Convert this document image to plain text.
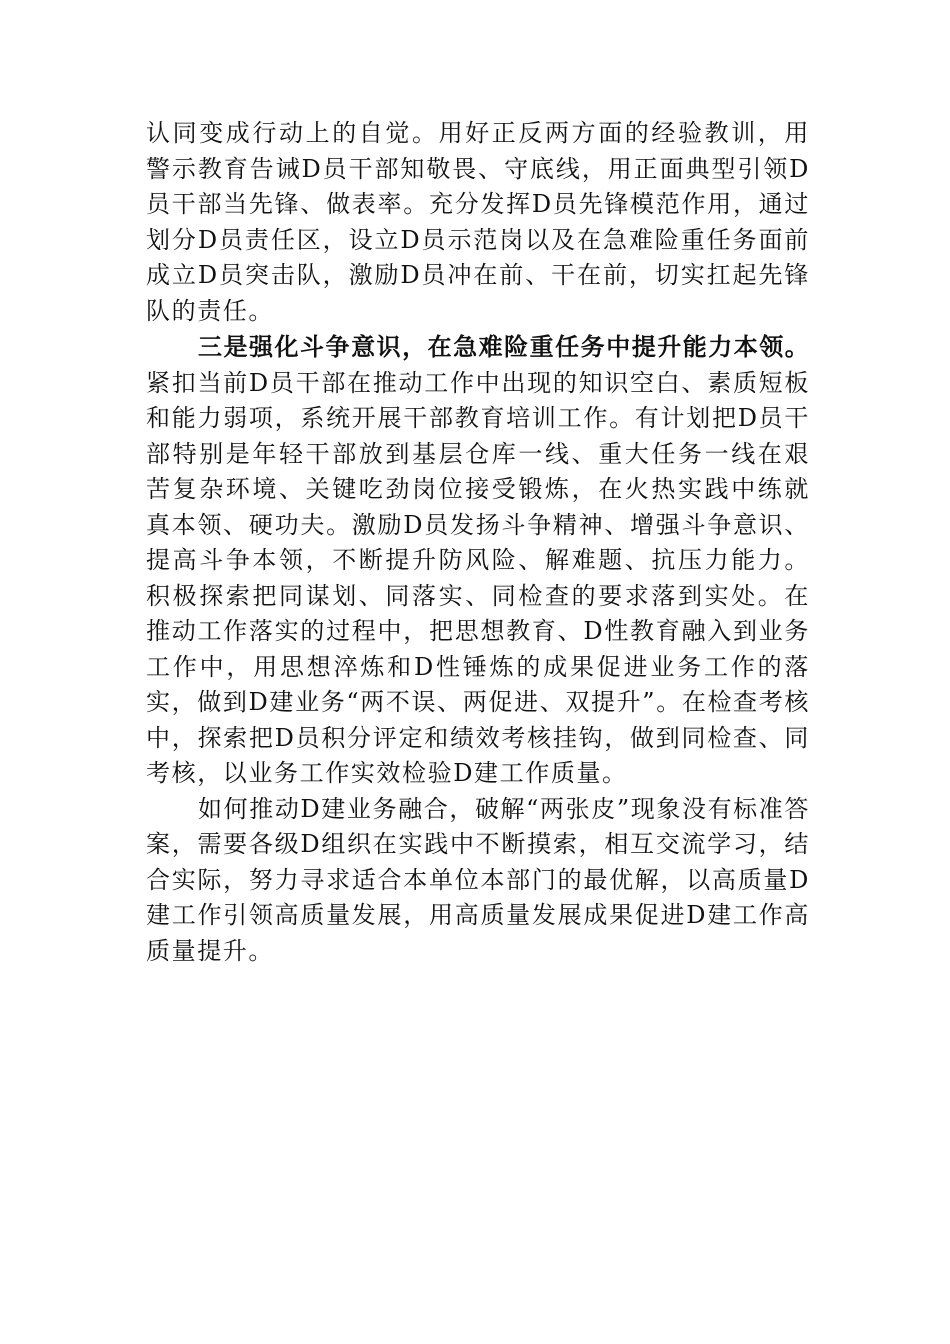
认同变成行动上的自觉。用好正反两方面的经验教训，用警示教育告诫D员干部知敬畏、守底线，用正面典型引领D员干部当先锋、做表率。充分发挥D员先锋模范作用，通过划分D员责任区，设立D员示范岗以及在急难险重任务面前成立D员突击队，激励D员冲在前、干在前，切实扛起先锋队的责任。

三是强化斗争意识，在急难险重任务中提升能力本领。紧扣当前D员干部在推动工作中出现的知识空白、素质短板和能力弱项，系统开展干部教育培训工作。有计划把D员干部特别是年轻干部放到基层仓库一线、重大任务一线在艰苦复杂环境、关键吃劲岗位接受锻炼，在火热实践中练就真本领、硬功夫。激励D员发扬斗争精神、增强斗争意识、提高斗争本领，不断提升防风险、解难题、抗压力能力。积极探索把同谋划、同落实、同检查的要求落到实处。在推动工作落实的过程中，把思想教育、D性教育融入到业务工作中，用思想淬炼和D性锤炼的成果促进业务工作的落实，做到D建业务“两不误、两促进、双提升”。在检查考核中，探索把D员积分评定和绩效考核挂钩，做到同检查、同考核，以业务工作实效检验D建工作质量。

如何推动D建业务融合，破解“两张皮”现象没有标准答案，需要各级D组织在实践中不断摸索，相互交流学习，结合实际，努力寻求适合本单位本部门的最优解，以高质量D建工作引领高质量发展，用高质量发展成果促进D建工作高质量提升。
